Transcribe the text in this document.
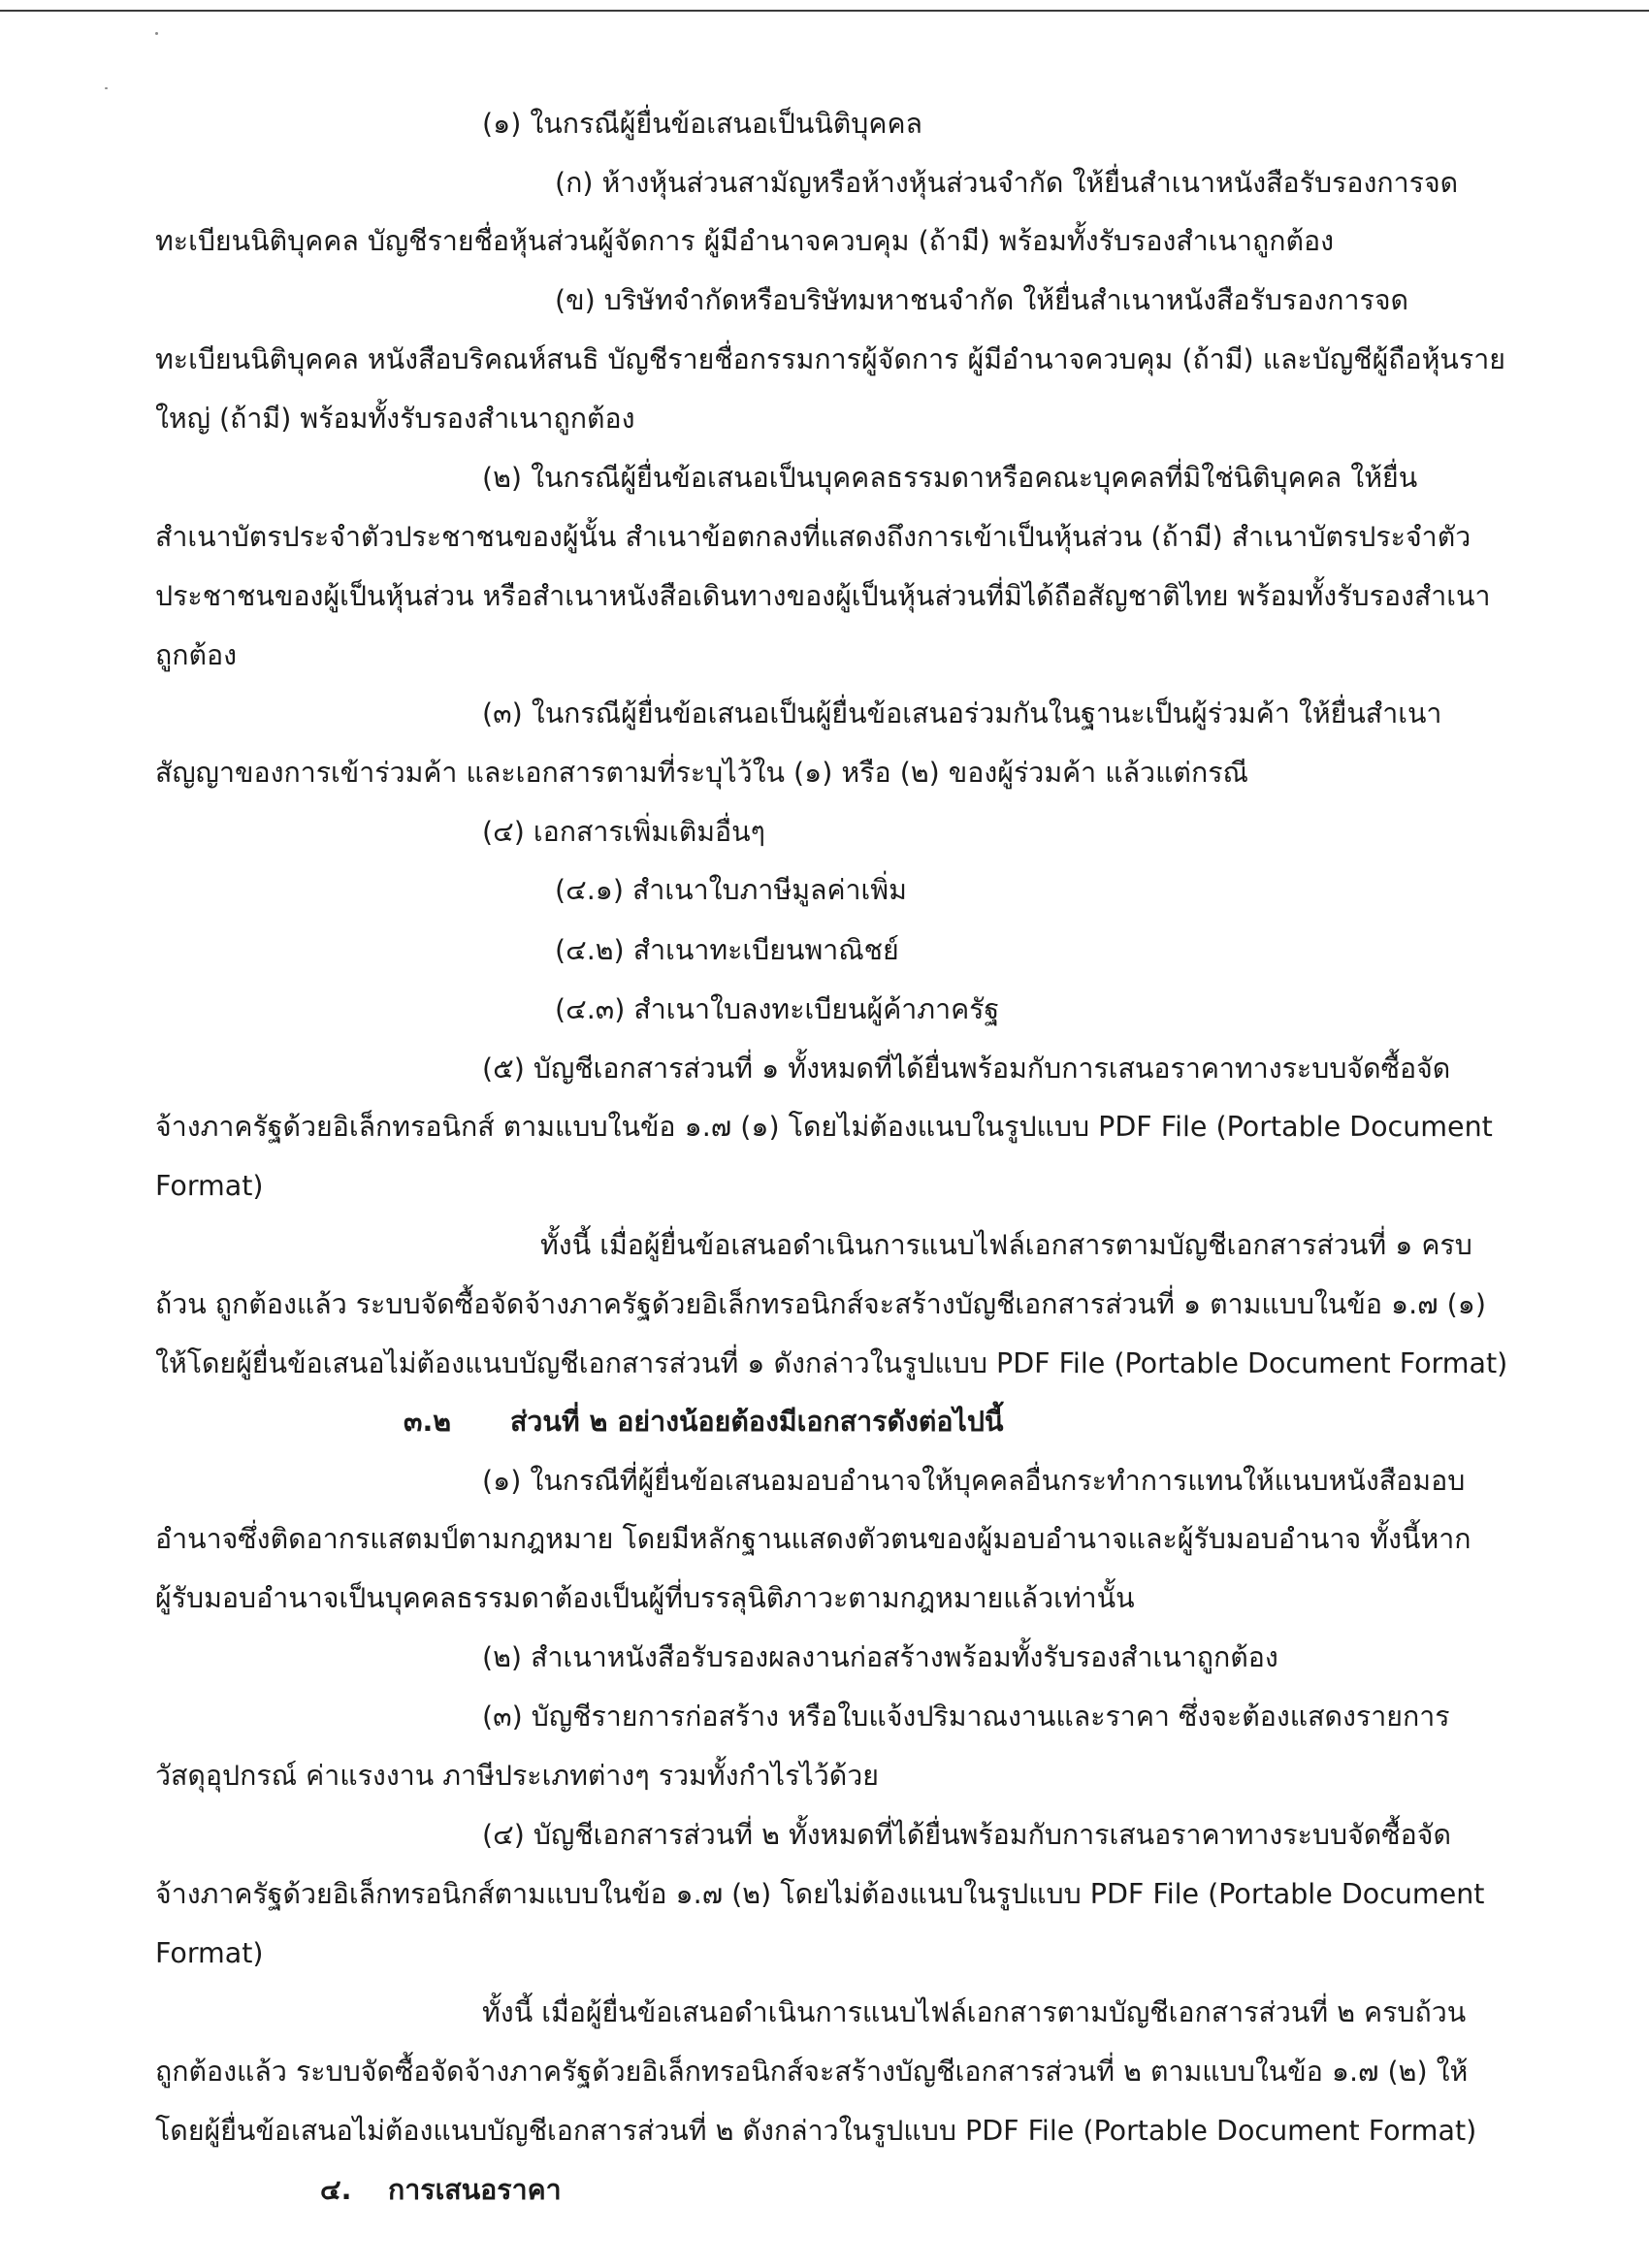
(๑) ในกรณีผู้ยื่นข้อเสนอเป็นนิติบุคคล
(ก) ห้างหุ้นส่วนสามัญหรือห้างหุ้นส่วนจำกัด ให้ยื่นสำเนาหนังสือรับรองการจด
ทะเบียนนิติบุคคล บัญชีรายชื่อหุ้นส่วนผู้จัดการ ผู้มีอำนาจควบคุม (ถ้ามี) พร้อมทั้งรับรองสำเนาถูกต้อง
(ข) บริษัทจำกัดหรือบริษัทมหาชนจำกัด ให้ยื่นสำเนาหนังสือรับรองการจด
ทะเบียนนิติบุคคล หนังสือบริคณห์สนธิ บัญชีรายชื่อกรรมการผู้จัดการ ผู้มีอำนาจควบคุม (ถ้ามี) และบัญชีผู้ถือหุ้นราย
ใหญ่ (ถ้ามี) พร้อมทั้งรับรองสำเนาถูกต้อง
(๒) ในกรณีผู้ยื่นข้อเสนอเป็นบุคคลธรรมดาหรือคณะบุคคลที่มิใช่นิติบุคคล ให้ยื่น
สำเนาบัตรประจำตัวประชาชนของผู้นั้น สำเนาข้อตกลงที่แสดงถึงการเข้าเป็นหุ้นส่วน (ถ้ามี) สำเนาบัตรประจำตัว
ประชาชนของผู้เป็นหุ้นส่วน หรือสำเนาหนังสือเดินทางของผู้เป็นหุ้นส่วนที่มิได้ถือสัญชาติไทย พร้อมทั้งรับรองสำเนา
ถูกต้อง
(๓) ในกรณีผู้ยื่นข้อเสนอเป็นผู้ยื่นข้อเสนอร่วมกันในฐานะเป็นผู้ร่วมค้า ให้ยื่นสำเนา
สัญญาของการเข้าร่วมค้า และเอกสารตามที่ระบุไว้ใน (๑) หรือ (๒) ของผู้ร่วมค้า แล้วแต่กรณี
(๔) เอกสารเพิ่มเติมอื่นๆ
(๔.๑) สำเนาใบภาษีมูลค่าเพิ่ม
(๔.๒) สำเนาทะเบียนพาณิชย์
(๔.๓) สำเนาใบลงทะเบียนผู้ค้าภาครัฐ
(๕) บัญชีเอกสารส่วนที่ ๑ ทั้งหมดที่ได้ยื่นพร้อมกับการเสนอราคาทางระบบจัดซื้อจัด
จ้างภาครัฐด้วยอิเล็กทรอนิกส์ ตามแบบในข้อ ๑.๗ (๑) โดยไม่ต้องแนบในรูปแบบ PDF File (Portable Document
Format)
ทั้งนี้ เมื่อผู้ยื่นข้อเสนอดำเนินการแนบไฟล์เอกสารตามบัญชีเอกสารส่วนที่ ๑ ครบ
ถ้วน ถูกต้องแล้ว ระบบจัดซื้อจัดจ้างภาครัฐด้วยอิเล็กทรอนิกส์จะสร้างบัญชีเอกสารส่วนที่ ๑ ตามแบบในข้อ ๑.๗ (๑)
ให้โดยผู้ยื่นข้อเสนอไม่ต้องแนบบัญชีเอกสารส่วนที่ ๑ ดังกล่าวในรูปแบบ PDF File (Portable Document Format)
๓.๒ ส่วนที่ ๒ อย่างน้อยต้องมีเอกสารดังต่อไปนี้
(๑) ในกรณีที่ผู้ยื่นข้อเสนอมอบอำนาจให้บุคคลอื่นกระทำการแทนให้แนบหนังสือมอบ
อำนาจซึ่งติดอากรแสตมป์ตามกฎหมาย โดยมีหลักฐานแสดงตัวตนของผู้มอบอำนาจและผู้รับมอบอำนาจ ทั้งนี้หาก
ผู้รับมอบอำนาจเป็นบุคคลธรรมดาต้องเป็นผู้ที่บรรลุนิติภาวะตามกฎหมายแล้วเท่านั้น
(๒) สำเนาหนังสือรับรองผลงานก่อสร้างพร้อมทั้งรับรองสำเนาถูกต้อง
(๓) บัญชีรายการก่อสร้าง หรือใบแจ้งปริมาณงานและราคา ซึ่งจะต้องแสดงรายการ
วัสดุอุปกรณ์ ค่าแรงงาน ภาษีประเภทต่างๆ รวมทั้งกำไรไว้ด้วย
(๔) บัญชีเอกสารส่วนที่ ๒ ทั้งหมดที่ได้ยื่นพร้อมกับการเสนอราคาทางระบบจัดซื้อจัด
จ้างภาครัฐด้วยอิเล็กทรอนิกส์ตามแบบในข้อ ๑.๗ (๒) โดยไม่ต้องแนบในรูปแบบ PDF File (Portable Document
Format)
ทั้งนี้ เมื่อผู้ยื่นข้อเสนอดำเนินการแนบไฟล์เอกสารตามบัญชีเอกสารส่วนที่ ๒ ครบถ้วน
ถูกต้องแล้ว ระบบจัดซื้อจัดจ้างภาครัฐด้วยอิเล็กทรอนิกส์จะสร้างบัญชีเอกสารส่วนที่ ๒ ตามแบบในข้อ ๑.๗ (๒) ให้
โดยผู้ยื่นข้อเสนอไม่ต้องแนบบัญชีเอกสารส่วนที่ ๒ ดังกล่าวในรูปแบบ PDF File (Portable Document Format)
๔. การเสนอราคา
